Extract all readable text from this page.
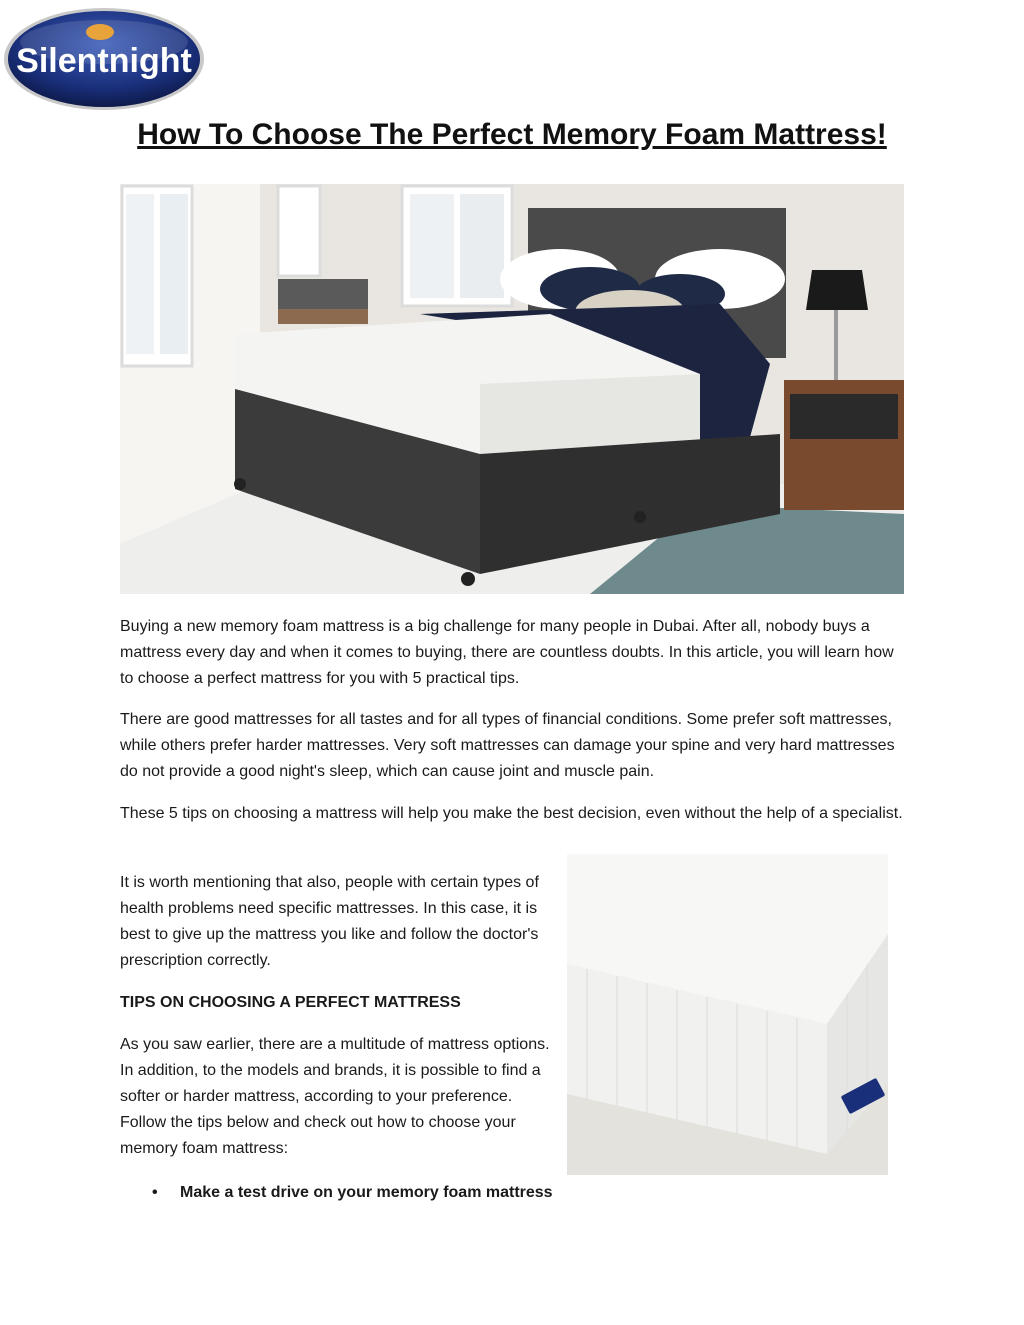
Silentnight
How To Choose The Perfect Memory Foam Mattress!

Buying a new memory foam mattress is a big challenge for many people in Dubai. After all, nobody buys a mattress every day and when it comes to buying, there are countless doubts. In this article, you will learn how to choose a perfect mattress for you with 5 practical tips.

There are good mattresses for all tastes and for all types of financial conditions. Some prefer soft mattresses, while others prefer harder mattresses. Very soft mattresses can damage your spine and very hard mattresses do not provide a good night's sleep, which can cause joint and muscle pain.

These 5 tips on choosing a mattress will help you make the best decision, even without the help of a specialist.

It is worth mentioning that also, people with certain types of health problems need specific mattresses. In this case, it is best to give up the mattress you like and follow the doctor's prescription correctly.

TIPS ON CHOOSING A PERFECT MATTRESS

As you saw earlier, there are a multitude of mattress options. In addition, to the models and brands, it is possible to find a softer or harder mattress, according to your preference. Follow the tips below and check out how to choose your memory foam mattress:

• Make a test drive on your memory foam mattress
